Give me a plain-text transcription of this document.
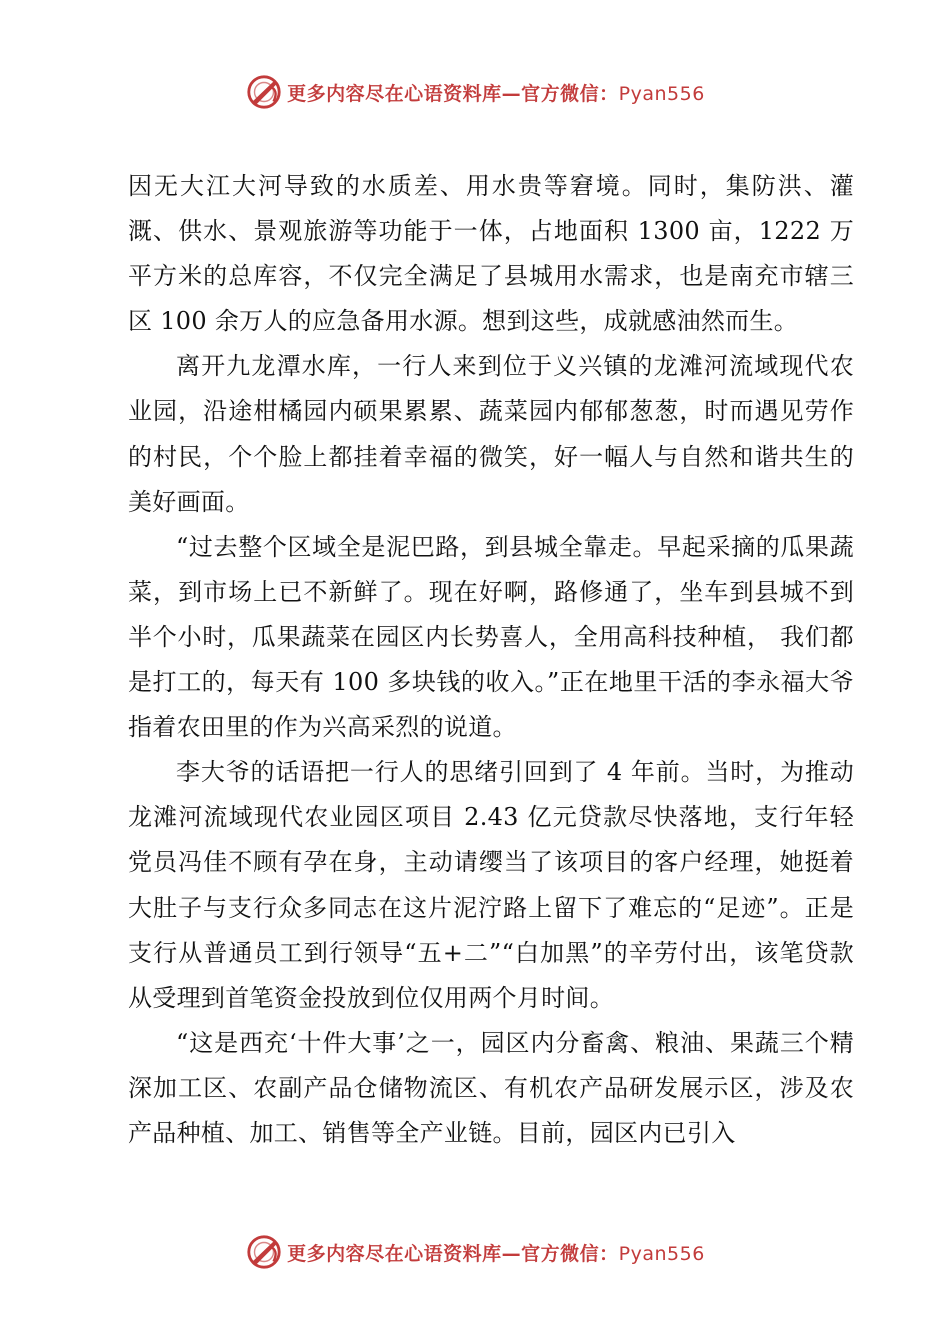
更多内容尽在心语资料库—官方微信：Pyan556

因无大江大河导致的水质差、用水贵等窘境。同时，集防洪、灌溉、供水、景观旅游等功能于一体，占地面积 1300 亩，1222 万平方米的总库容，不仅完全满足了县城用水需求，也是南充市辖三区 100 余万人的应急备用水源。想到这些，成就感油然而生。

离开九龙潭水库，一行人来到位于义兴镇的龙滩河流域现代农业园，沿途柑橘园内硕果累累、蔬菜园内郁郁葱葱，时而遇见劳作的村民，个个脸上都挂着幸福的微笑，好一幅人与自然和谐共生的美好画面。

“过去整个区域全是泥巴路，到县城全靠走。早起采摘的瓜果蔬菜，到市场上已不新鲜了。现在好啊，路修通了，坐车到县城不到半个小时，瓜果蔬菜在园区内长势喜人，全用高科技种植， 我们都是打工的，每天有 100 多块钱的收入。”正在地里干活的李永福大爷指着农田里的作为兴高采烈的说道。

李大爷的话语把一行人的思绪引回到了 4 年前。当时，为推动龙滩河流域现代农业园区项目 2.43 亿元贷款尽快落地，支行年轻党员冯佳不顾有孕在身，主动请缨当了该项目的客户经理，她挺着大肚子与支行众多同志在这片泥泞路上留下了难忘的“足迹”。正是支行从普通员工到行领导“五+二”“白加黑”的辛劳付出，该笔贷款从受理到首笔资金投放到位仅用两个月时间。

“这是西充‘十件大事’之一，园区内分畜禽、粮油、果蔬三个精深加工区、农副产品仓储物流区、有机农产品研发展示区，涉及农产品种植、加工、销售等全产业链。目前，园区内已引入

更多内容尽在心语资料库—官方微信：Pyan556
